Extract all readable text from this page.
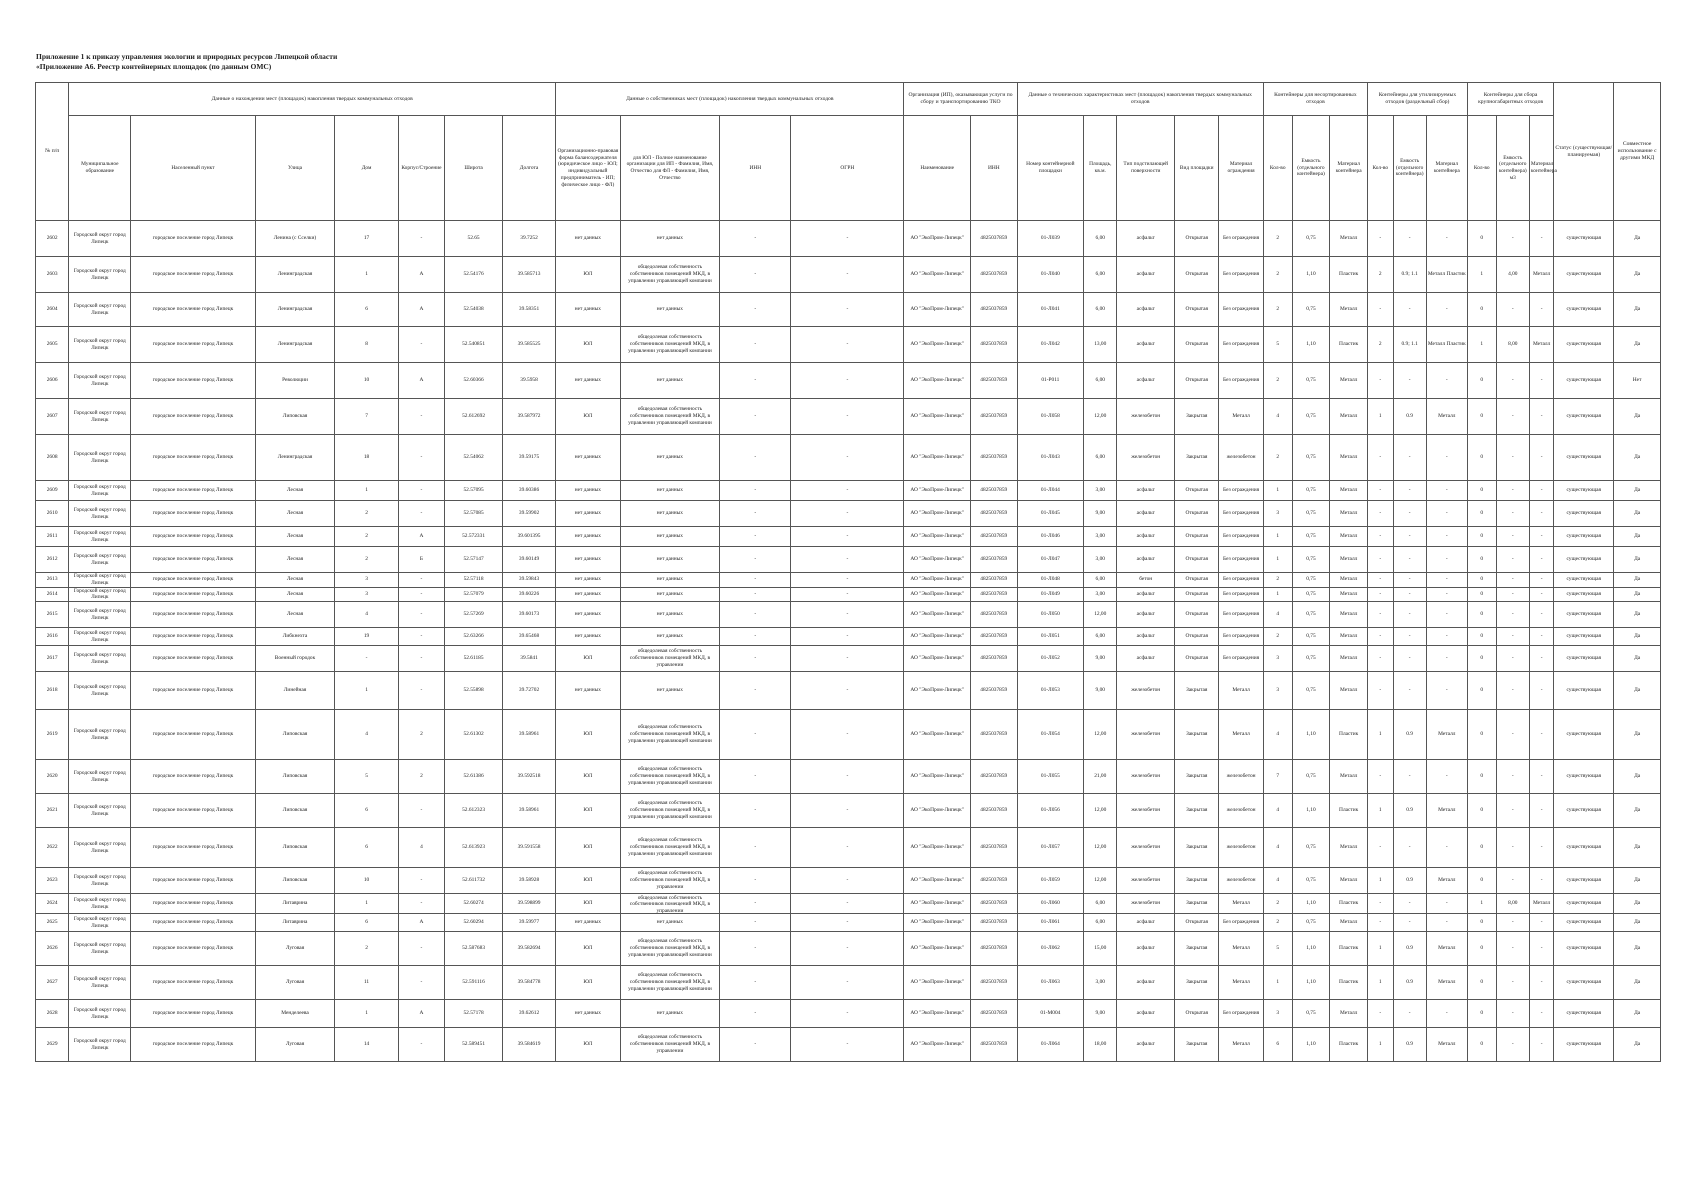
Приложение 1 к приказу управления экологии и природных ресурсов Липецкой области
«Приложение А6. Реестр контейнерных площадок (по данным ОМС)
№ п/п	Данные о нахождении мест (площадок) накопления твердых коммунальных отходов							Данные о собственниках мест (площадок) накопления твердых коммунальных отходов				Организация (ИП), оказывающая услуги по сбору и транспортированию ТКО		Данные о технических характеристиках мест (площадок) накопления твердых коммунальных отходов					Контейнеры для несортированных отходов			Контейнеры для утилизируемых отходов (раздельный сбор)			Контейнеры для сбора крупногабаритных отходов			Статус (существующая/ планируемая)	Совместное использование с другими МКД
	Муниципальное образование	Населенный пункт	Улица	Дом	Корпус/Строение	Широта	Долгота	Организационно-правовая форма балансодержателя (юридическое лицо - ЮЛ; индивидуальный предприниматель - ИП; физическое лицо - ФЛ)	для ЮЛ - Полное наименование организации для ИП - Фамилия, Имя, Отчество для ФЛ - Фамилия, Имя, Отчество	ИНН	ОГРН	Наименование	ИНН	Номер контейнерной площадки	Площадь, кв.м.	Тип подстилающей поверхности	Вид площадки	Материал ограждения	Кол-во	Емкость (отдельного контейнера)	Материал контейнера	Кол-во	Емкость (отдельного контейнера)	Материал контейнера	Кол-во	Емкость (отдельного контейнера) м3	Материал контейнера		
2602	Городской округ город Липецк	городское поселение город Липецк	Ленина (с Сселки)	17	-	52.65	39.7252	нет данных	нет данных	-	-	АО "ЭкоПром-Липецк"	4825037859	01-Л039	6,00	асфальт	Открытая	Без ограждения	2	0,75	Металл	-	-	-	0	-	-	существующая	Да
2603	Городской округ город Липецк	городское поселение город Липецк	Ленинградская	1	А	52.54176	39.585713	ЮЛ	общедолевая собственность собственников помещений МКД, в управлении управляющей компании	-	-	АО "ЭкоПром-Липецк"	4825037859	01-Л040	6,00	асфальт	Открытая	Без ограждения	2	1,10	Пластик	2	0.9; 1.1	Металл Пластик	1	4,00	Металл	существующая	Да
2604	Городской округ город Липецк	городское поселение город Липецк	Ленинградская	6	А	52.54038	39.58351	нет данных	нет данных	-	-	АО "ЭкоПром-Липецк"	4825037859	01-Л041	6,00	асфальт	Открытая	Без ограждения	2	0,75	Металл	-	-	-	0	-	-	существующая	Да
2605	Городской округ город Липецк	городское поселение город Липецк	Ленинградская	8	-	52.540851	39.585525	ЮЛ	общедолевая собственность собственников помещений МКД, в управлении управляющей компании	-	-	АО "ЭкоПром-Липецк"	4825037859	01-Л042	13,00	асфальт	Открытая	Без ограждения	5	1,10	Пластик	2	0.9; 1.1	Металл Пластик	1	8,00	Металл	существующая	Да
2606	Городской округ город Липецк	городское поселение город Липецк	Революции	10	А	52.60366	39.5958	нет данных	нет данных	-	-	АО "ЭкоПром-Липецк"	4825037859	01-Р011	6,00	асфальт	Открытая	Без ограждения	2	0,75	Металл	-	-	-	0	-	-	существующая	Нет
2607	Городской округ город Липецк	городское поселение город Липецк	Липовская	7	-	52.612692	39.587972	ЮЛ	общедолевая собственность собственников помещений МКД, в управлении управляющей компании	-	-	АО "ЭкоПром-Липецк"	4825037859	01-Л058	12,00	железобетон	Закрытая	Металл	4	0,75	Металл	1	0.9	Металл	0	-	-	существующая	Да
2608	Городской округ город Липецк	городское поселение город Липецк	Ленинградская	18	-	52.54062	39.59175	нет данных	нет данных	-	-	АО "ЭкоПром-Липецк"	4825037859	01-Л043	6,00	железобетон	Закрытая	железобетон	2	0,75	Металл	-	-	-	0	-	-	существующая	Да
2609	Городской округ город Липецк	городское поселение город Липецк	Лесная	1	-	52.57095	39.60386	нет данных	нет данных	-	-	АО "ЭкоПром-Липецк"	4825037859	01-Л044	3,00	асфальт	Открытая	Без ограждения	1	0,75	Металл	-	-	-	0	-	-	существующая	Да
2610	Городской округ город Липецк	городское поселение город Липецк	Лесная	2	-	52.57085	39.59902	нет данных	нет данных	-	-	АО "ЭкоПром-Липецк"	4825037859	01-Л045	9,00	асфальт	Открытая	Без ограждения	3	0,75	Металл	-	-	-	0	-	-	существующая	Да
2611	Городской округ город Липецк	городское поселение город Липецк	Лесная	2	А	52.572331	39.601395	нет данных	нет данных	-	-	АО "ЭкоПром-Липецк"	4825037859	01-Л046	3,00	асфальт	Открытая	Без ограждения	1	0,75	Металл	-	-	-	0	-	-	существующая	Да
2612	Городской округ город Липецк	городское поселение город Липецк	Лесная	2	Б	52.57147	39.60149	нет данных	нет данных	-	-	АО "ЭкоПром-Липецк"	4825037859	01-Л047	3,00	асфальт	Открытая	Без ограждения	1	0,75	Металл	-	-	-	0	-	-	существующая	Да
2613	Городской округ город Липецк	городское поселение город Липецк	Лесная	3	-	52.57118	39.59843	нет данных	нет данных	-	-	АО "ЭкоПром-Липецк"	4825037859	01-Л048	6,00	бетон	Открытая	Без ограждения	2	0,75	Металл	-	-	-	0	-	-	существующая	Да
2614	Городской округ город Липецк	городское поселение город Липецк	Лесная	3	-	52.57079	39.60226	нет данных	нет данных	-	-	АО "ЭкоПром-Липецк"	4825037859	01-Л049	3,00	асфальт	Открытая	Без ограждения	1	0,75	Металл	-	-	-	0	-	-	существующая	Да
2615	Городской округ город Липецк	городское поселение город Липецк	Лесная	4	-	52.57269	39.60173	нет данных	нет данных	-	-	АО "ЭкоПром-Липецк"	4825037859	01-Л050	12,00	асфальт	Открытая	Без ограждения	4	0,75	Металл	-	-	-	0	-	-	существующая	Да
2616	Городской округ город Липецк	городское поселение город Липецк	Либкнехта	19	-	52.63266	39.65468	нет данных	нет данных	-	-	АО "ЭкоПром-Липецк"	4825037859	01-Л051	6,00	асфальт	Открытая	Без ограждения	2	0,75	Металл	-	-	-	0	-	-	существующая	Да
2617	Городской округ город Липецк	городское поселение город Липецк	Военный городок	-	-	52.61185	39.5841	ЮЛ	общедолевая собственность собственников помещений МКД, в управлении	-	-	АО "ЭкоПром-Липецк"	4825037859	01-Л052	9,00	асфальт	Открытая	Без ограждения	3	0,75	Металл	-	-	-	0	-	-	существующая	Да
2618	Городской округ город Липецк	городское поселение город Липецк	Линейная	1	-	52.55898	39.72702	нет данных	нет данных	-	-	АО "ЭкоПром-Липецк"	4825037859	01-Л053	9,00	железобетон	Закрытая	Металл	3	0,75	Металл	-	-	-	0	-	-	существующая	Да
2619	Городской округ город Липецк	городское поселение город Липецк	Липовская	4	2	52.61302	39.58961	ЮЛ	общедолевая собственность собственников помещений МКД, в управлении управляющей компании	-	-	АО "ЭкоПром-Липецк"	4825037859	01-Л054	12,00	железобетон	Закрытая	Металл	4	1,10	Пластик	1	0.9	Металл	0	-	-	существующая	Да
2620	Городской округ город Липецк	городское поселение город Липецк	Липовская	5	2	52.61386	39.592518	ЮЛ	общедолевая собственность собственников помещений МКД, в управлении управляющей компании	-	-	АО "ЭкоПром-Липецк"	4825037859	01-Л055	21,00	железобетон	Закрытая	железобетон	7	0,75	Металл	-	-	-	0	-	-	существующая	Да
2621	Городской округ город Липецк	городское поселение город Липецк	Липовская	6	-	52.612323	39.58961	ЮЛ	общедолевая собственность собственников помещений МКД, в управлении управляющей компании	-	-	АО "ЭкоПром-Липецк"	4825037859	01-Л056	12,00	железобетон	Закрытая	железобетон	4	1,10	Пластик	1	0.9	Металл	0	-	-	существующая	Да
2622	Городской округ город Липецк	городское поселение город Липецк	Липовская	6	4	52.613923	39.591558	ЮЛ	общедолевая собственность собственников помещений МКД, в управлении управляющей компании	-	-	АО "ЭкоПром-Липецк"	4825037859	01-Л057	12,00	железобетон	Закрытая	железобетон	4	0,75	Металл	-	-	-	0	-	-	существующая	Да
2623	Городской округ город Липецк	городское поселение город Липецк	Липовская	10	-	52.611732	39.58928	ЮЛ	общедолевая собственность собственников помещений МКД, в управлении	-	-	АО "ЭкоПром-Липецк"	4825037859	01-Л059	12,00	железобетон	Закрытая	железобетон	4	0,75	Металл	1	0.9	Металл	0	-	-	существующая	Да
2624	Городской округ город Липецк	городское поселение город Липецк	Литаврина	1	-	52.60274	39.598899	ЮЛ	общедолевая собственность собственников помещений МКД, в управлении	-	-	АО "ЭкоПром-Липецк"	4825037859	01-Л060	6,00	железобетон	Закрытая	Металл	2	1,10	Пластик	-	-	-	1	8,00	Металл	существующая	Да
2625	Городской округ город Липецк	городское поселение город Липецк	Литаврина	6	А	52.60294	39.59977	нет данных	нет данных	-	-	АО "ЭкоПром-Липецк"	4825037859	01-Л061	6,00	асфальт	Открытая	Без ограждения	2	0,75	Металл	-	-	-	0	-	-	существующая	Да
2626	Городской округ город Липецк	городское поселение город Липецк	Луговая	2	-	52.587683	39.582694	ЮЛ	общедолевая собственность собственников помещений МКД, в управлении управляющей компании	-	-	АО "ЭкоПром-Липецк"	4825037859	01-Л062	15,00	асфальт	Закрытая	Металл	5	1,10	Пластик	1	0.9	Металл	0	-	-	существующая	Да
2627	Городской округ город Липецк	городское поселение город Липецк	Луговая	11	-	52.591116	39.584778	ЮЛ	общедолевая собственность собственников помещений МКД, в управлении управляющей компании	-	-	АО "ЭкоПром-Липецк"	4825037859	01-Л063	3,00	асфальт	Закрытая	Металл	1	1,10	Пластик	1	0.9	Металл	0	-	-	существующая	Да
2628	Городской округ город Липецк	городское поселение город Липецк	Менделеева	1	А	52.57178	39.62612	нет данных	нет данных	-	-	АО "ЭкоПром-Липецк"	4825037859	01-М004	9,00	асфальт	Открытая	Без ограждения	3	0,75	Металл	-	-	-	0	-	-	существующая	Да
2629	Городской округ город Липецк	городское поселение город Липецк	Луговая	14	-	52.589451	39.584619	ЮЛ	общедолевая собственность собственников помещений МКД, в управлении	-	-	АО "ЭкоПром-Липецк"	4825037859	01-Л064	18,00	асфальт	Закрытая	Металл	6	1,10	Пластик	1	0.9	Металл	0	-	-	существующая	Да
